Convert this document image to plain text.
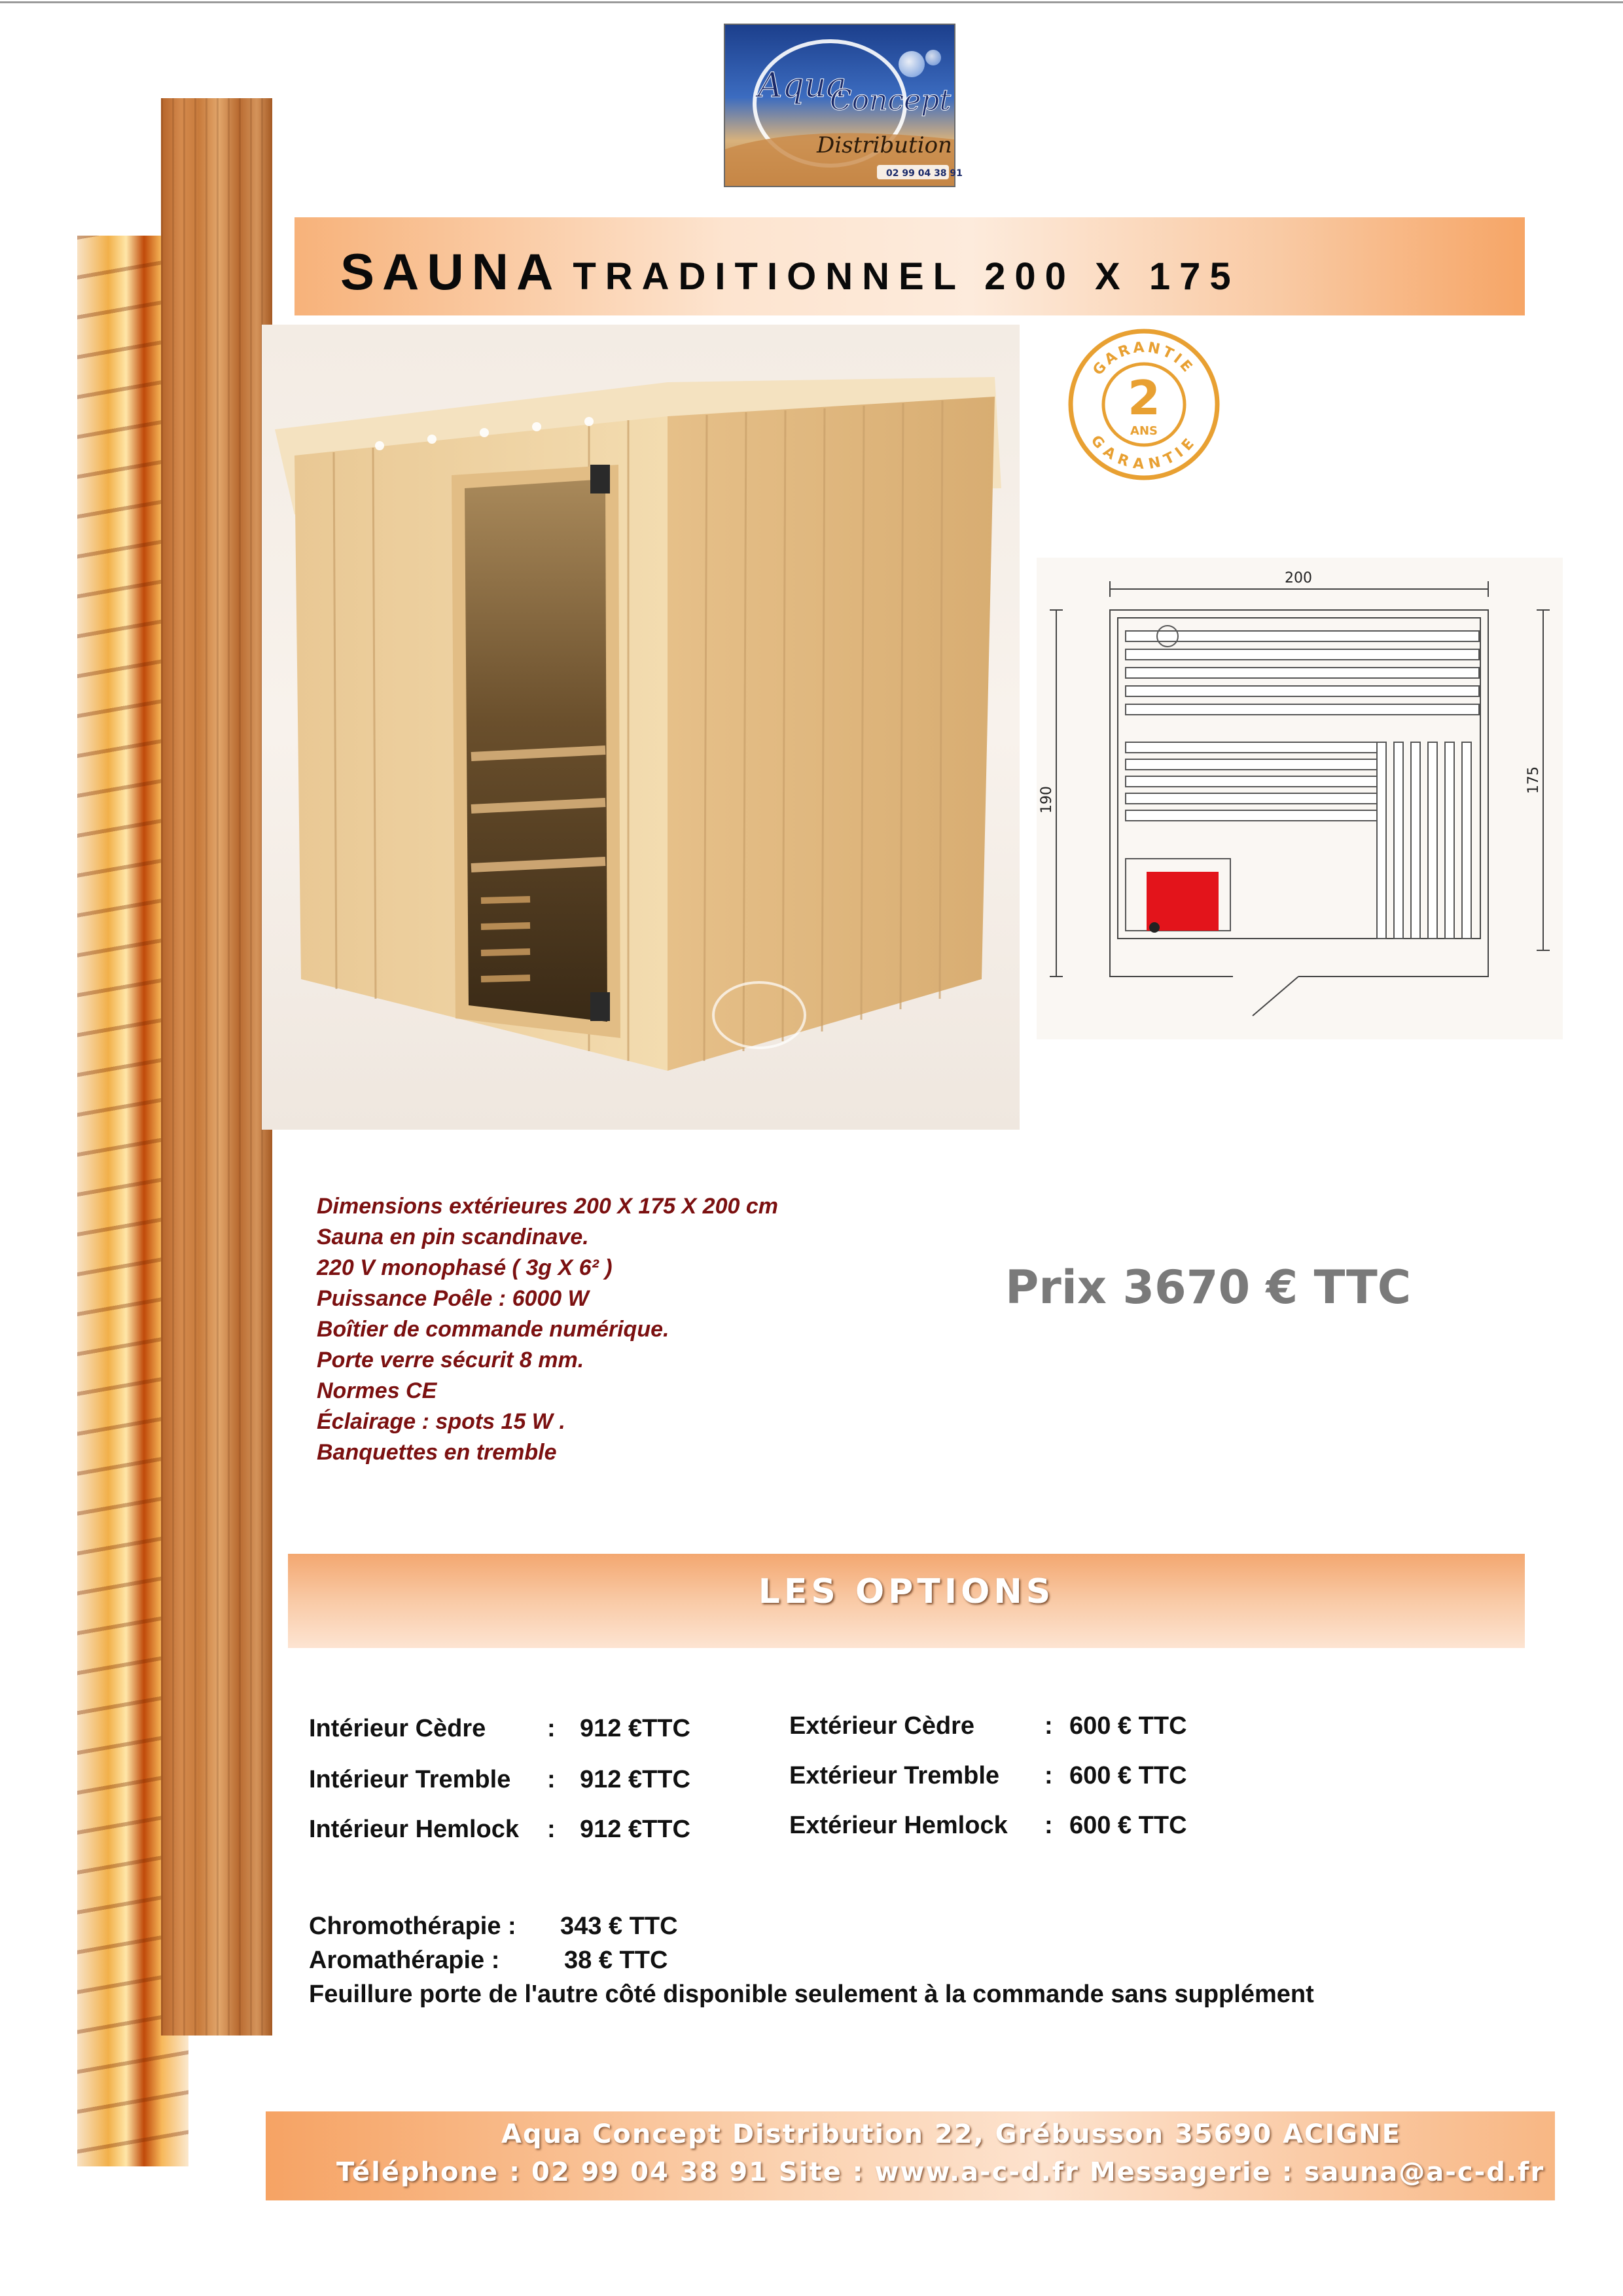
Aqua
Concept
Distribution
02 99 04 38 91
SAUNA TRADITIONNEL 200 X 175
GARANTIE
GARANTIE
2
ANS
200
190
175
Dimensions extérieures 200 X 175 X 200 cm
Sauna en pin scandinave.
220 V monophasé ( 3g X 6² )
Puissance Poêle : 6000 W
Boîtier de commande numérique.
Porte verre sécurit 8 mm.
Normes CE
Éclairage : spots 15 W .
Banquettes en tremble
Prix 3670 € TTC
LES OPTIONS
Intérieur Cèdre : 912 €TTC
Intérieur Tremble : 912 €TTC
Intérieur Hemlock : 912 €TTC
Extérieur Cèdre	: 600 € TTC
Extérieur Tremble : 600 € TTC
Extérieur Hemlock : 600 € TTC
Chromothérapie : 343 € TTC
Aromathérapie :	38 € TTC
Feuillure porte de l'autre côté disponible seulement à la commande sans supplément
Aqua Concept Distribution 22, Grébusson 35690 ACIGNE
Téléphone : 02 99 04 38 91 Site : www.a-c-d.fr Messagerie : sauna@a-c-d.fr
